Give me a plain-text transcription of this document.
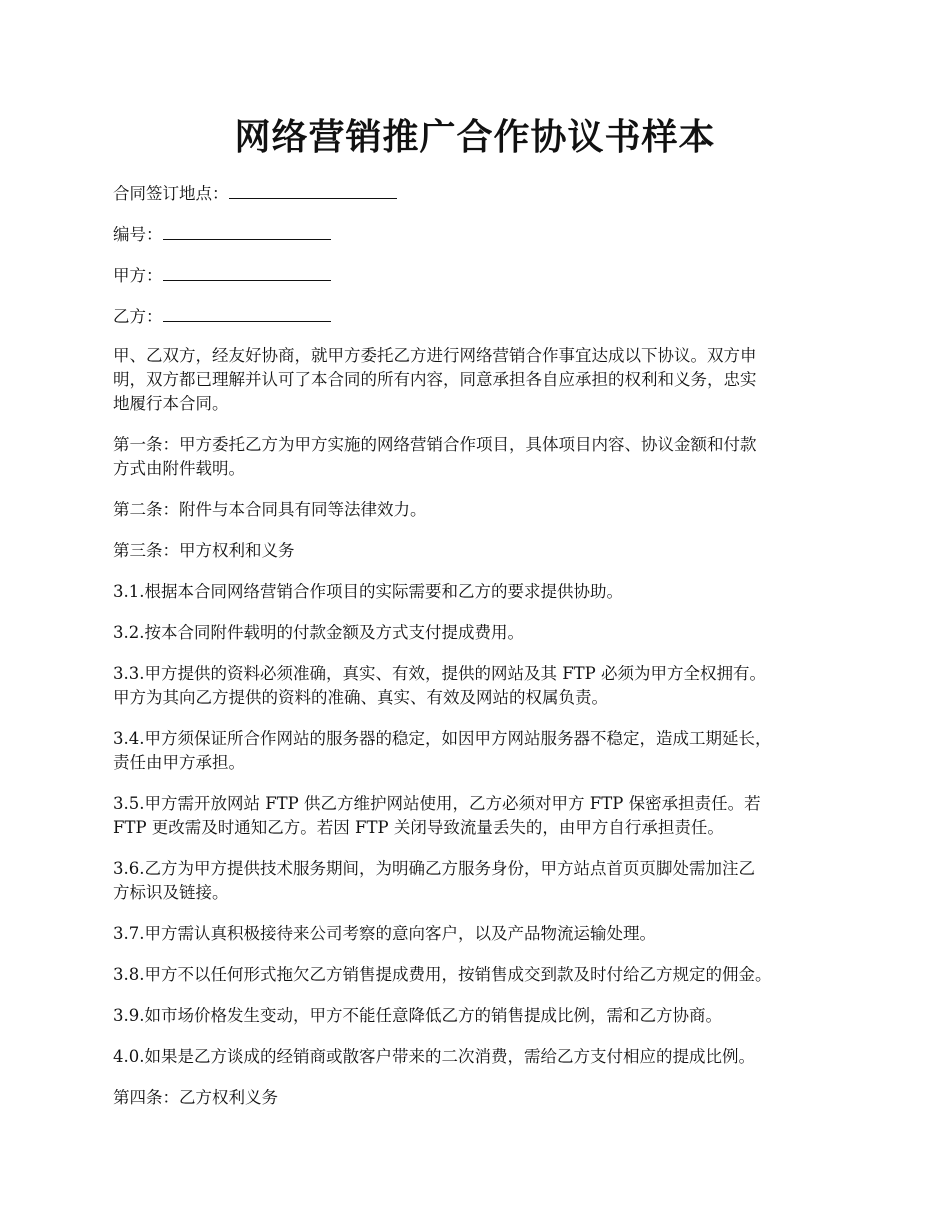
网络营销推广合作协议书样本
合同签订地点：
编号：
甲方：
乙方：
甲、乙双方，经友好协商，就甲方委托乙方进行网络营销合作事宜达成以下协议。双方申
明，双方都已理解并认可了本合同的所有内容，同意承担各自应承担的权利和义务，忠实
地履行本合同。
第一条：甲方委托乙方为甲方实施的网络营销合作项目，具体项目内容、协议金额和付款
方式由附件载明。
第二条：附件与本合同具有同等法律效力。
第三条：甲方权利和义务
3.1.根据本合同网络营销合作项目的实际需要和乙方的要求提供协助。
3.2.按本合同附件载明的付款金额及方式支付提成费用。
3.3.甲方提供的资料必须准确，真实、有效，提供的网站及其 FTP 必须为甲方全权拥有。
甲方为其向乙方提供的资料的准确、真实、有效及网站的权属负责。
3.4.甲方须保证所合作网站的服务器的稳定，如因甲方网站服务器不稳定，造成工期延长，
责任由甲方承担。
3.5.甲方需开放网站 FTP 供乙方维护网站使用，乙方必须对甲方 FTP 保密承担责任。若
FTP 更改需及时通知乙方。若因 FTP 关闭导致流量丢失的，由甲方自行承担责任。
3.6.乙方为甲方提供技术服务期间，为明确乙方服务身份，甲方站点首页页脚处需加注乙
方标识及链接。
3.7.甲方需认真积极接待来公司考察的意向客户，以及产品物流运输处理。
3.8.甲方不以任何形式拖欠乙方销售提成费用，按销售成交到款及时付给乙方规定的佣金。
3.9.如市场价格发生变动，甲方不能任意降低乙方的销售提成比例，需和乙方协商。
4.0.如果是乙方谈成的经销商或散客户带来的二次消费，需给乙方支付相应的提成比例。
第四条：乙方权利义务
